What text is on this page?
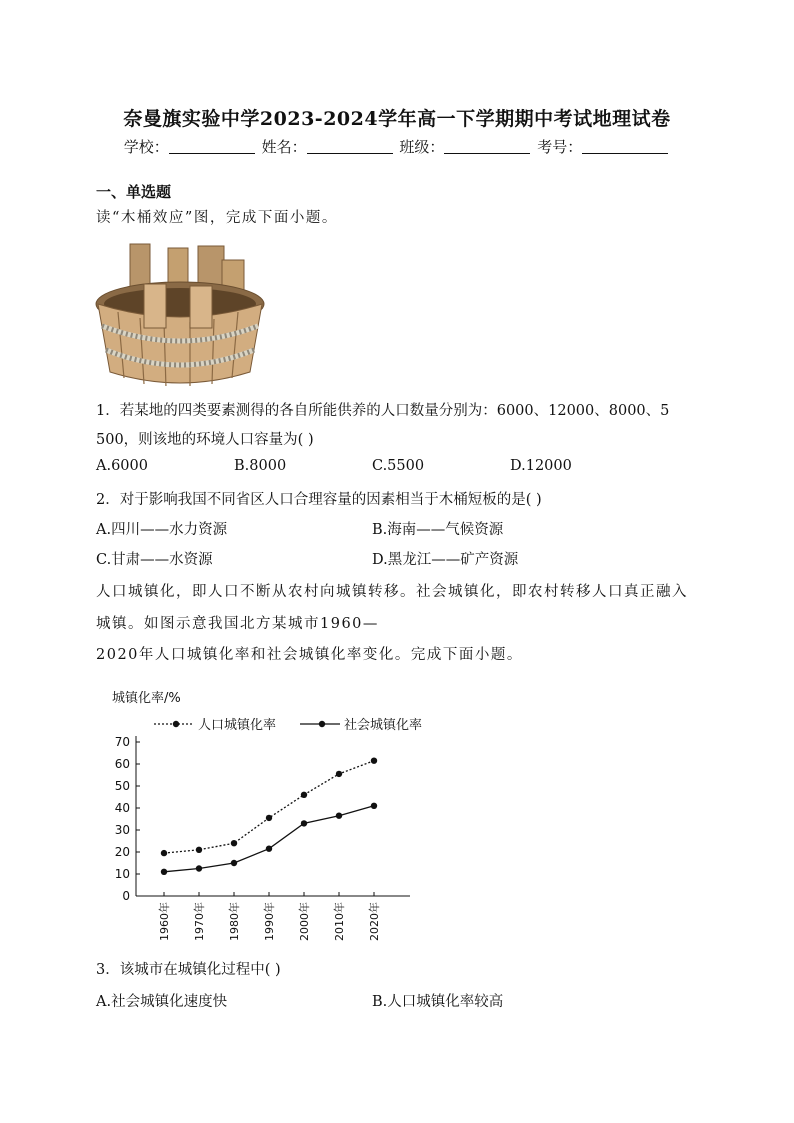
奈曼旗实验中学2023-2024学年高一下学期期中考试地理试卷
学校：	姓名：	班级：	考号：
一、单选题
读“木桶效应”图，完成下面小题。
1．若某地的四类要素测得的各自所能供养的人口数量分别为：6000、12000、8000、5
500，则该地的环境人口容量为( )
A.6000	B.8000	C.5500	D.12000
2．对于影响我国不同省区人口合理容量的因素相当于木桶短板的是( )
A.四川——水力资源	B.海南——气候资源
C.甘肃——水资源	D.黑龙江——矿产资源
人口城镇化，即人口不断从农村向城镇转移。社会城镇化，即农村转移人口真正融入
城镇。如图示意我国北方某城市1960—
2020年人口城镇化率和社会城镇化率变化。完成下面小题。
城镇化率/%
人口城镇化率	社会城镇化率
0
10
20
30
40
50
60
70
1960年 1970年 1980年 1990年 2000年 2010年 2020年
3．该城市在城镇化过程中( )
A.社会城镇化速度快	B.人口城镇化率较高
